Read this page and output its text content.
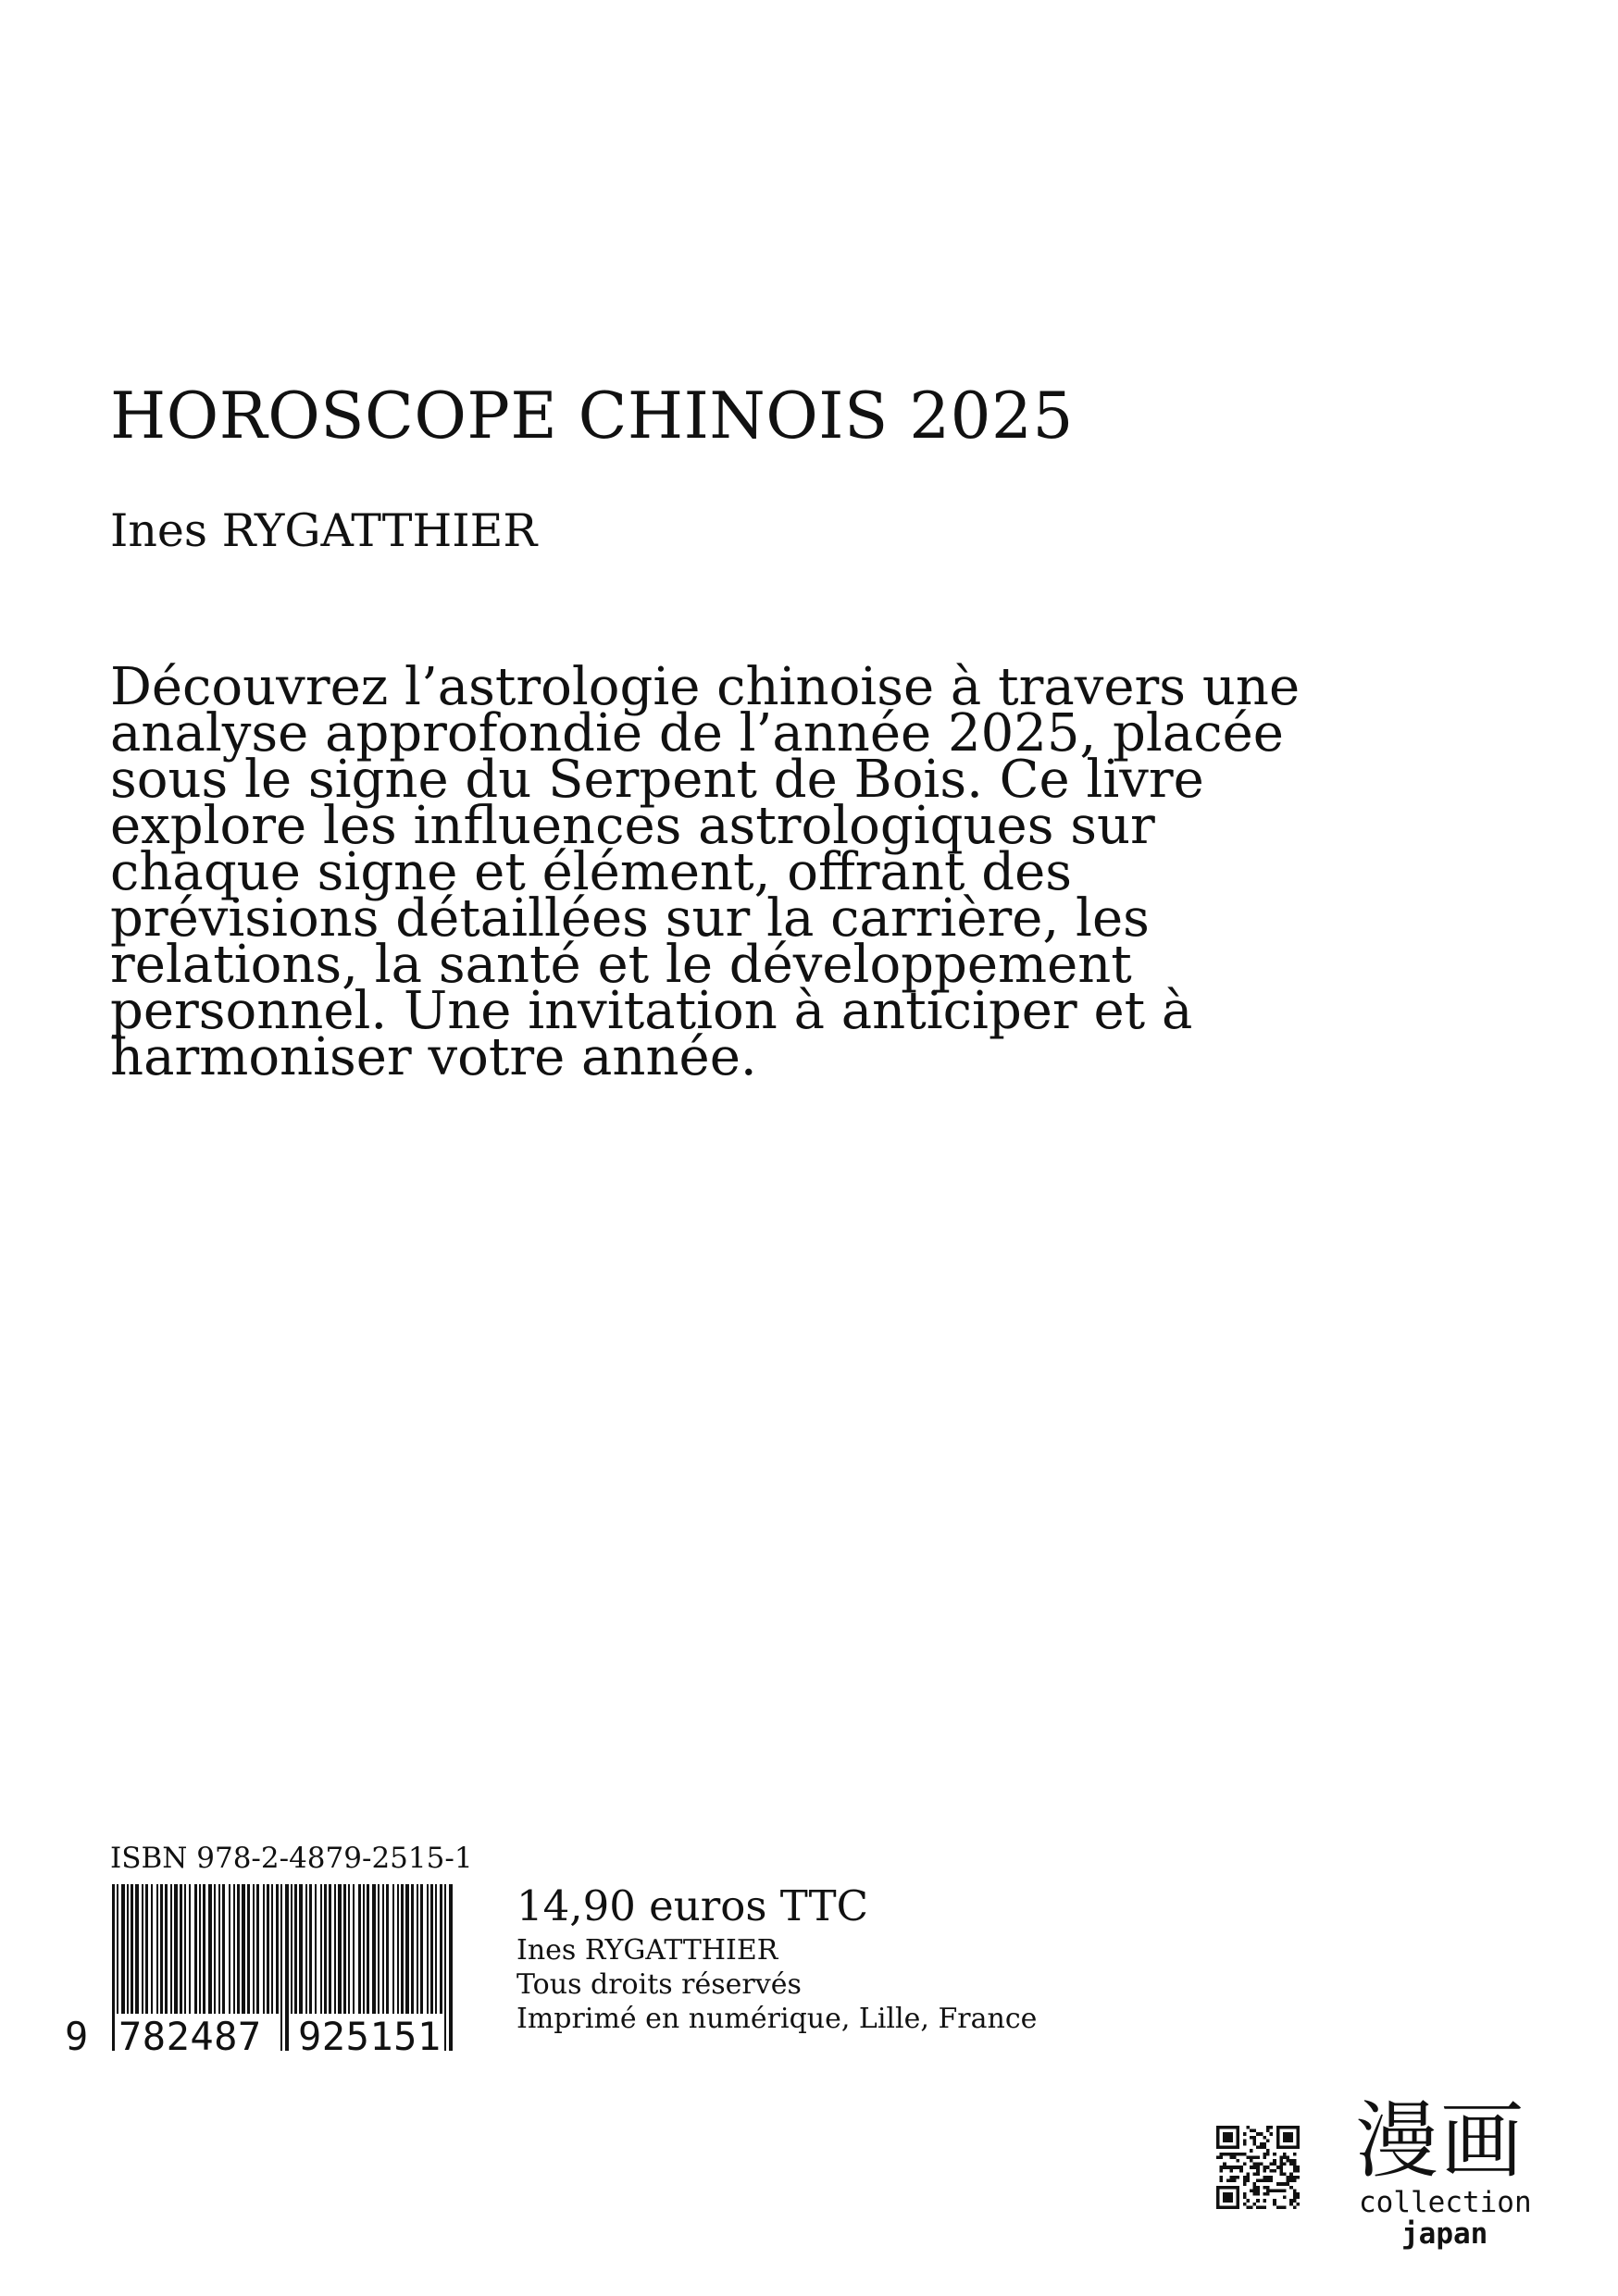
HOROSCOPE CHINOIS 2025
Ines RYGATTHIER
Découvrez l’astrologie chinoise à travers une
analyse approfondie de l’année 2025, placée
sous le signe du Serpent de Bois. Ce livre
explore les influences astrologiques sur
chaque signe et élément, offrant des
prévisions détaillées sur la carrière, les
relations, la santé et le développement
personnel. Une invitation à anticiper et à
harmoniser votre année.
ISBN 978-2-4879-2515-1
9 782487 925151
14,90 euros TTC
Ines RYGATTHIER
Tous droits réservés
Imprimé en numérique, Lille, France
漫画
collection
japan
